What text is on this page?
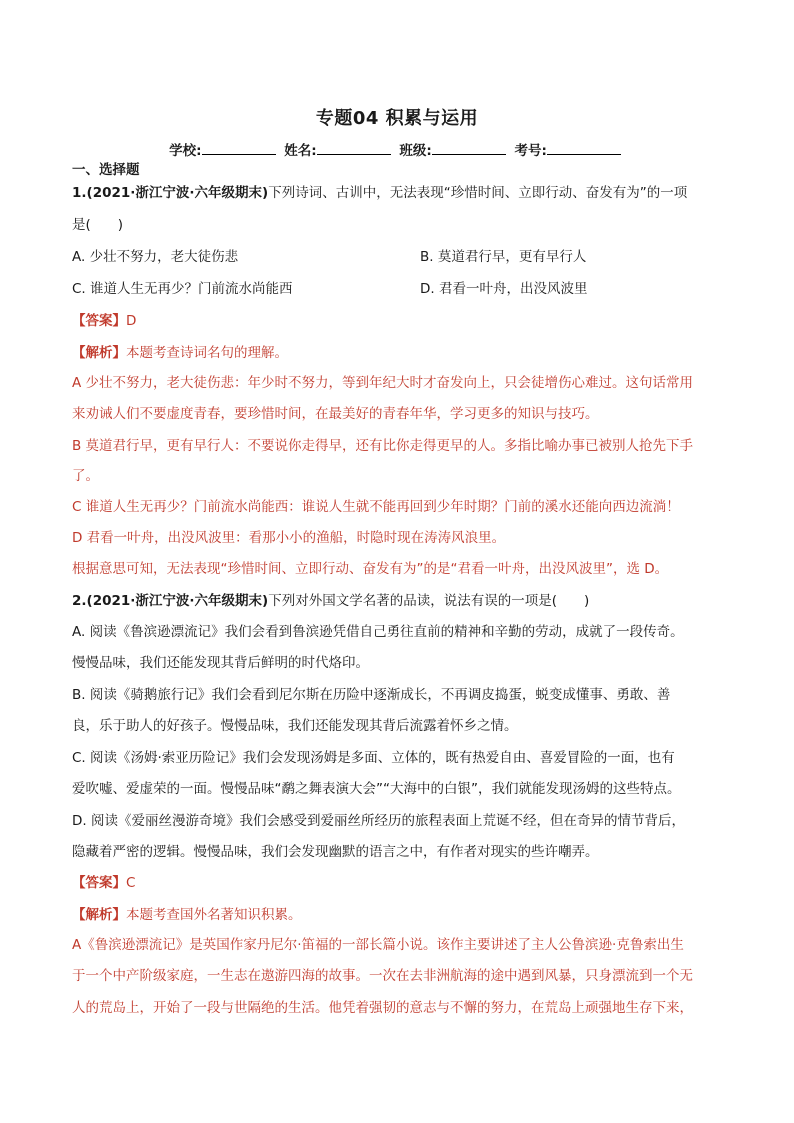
专题04 积累与运用
学校:	姓名:	班级:	考号:
一、选择题
1.(2021·浙江宁波·六年级期末)下列诗词、古训中，无法表现“珍惜时间、立即行动、奋发有为”的一项
是(　　)
A. 少壮不努力，老大徒伤悲	B. 莫道君行早，更有早行人
C. 谁道人生无再少？门前流水尚能西	D. 君看一叶舟，出没风波里
【答案】D
【解析】本题考查诗词名句的理解。
A 少壮不努力，老大徒伤悲：年少时不努力，等到年纪大时才奋发向上，只会徒增伤心难过。这句话常用
来劝诫人们不要虚度青春，要珍惜时间，在最美好的青春年华，学习更多的知识与技巧。
B 莫道君行早，更有早行人：不要说你走得早，还有比你走得更早的人。多指比喻办事已被别人抢先下手
了。
C 谁道人生无再少？门前流水尚能西：谁说人生就不能再回到少年时期？门前的溪水还能向西边流淌！
D 君看一叶舟，出没风波里：看那小小的渔船，时隐时现在涛涛风浪里。
根据意思可知，无法表现“珍惜时间、立即行动、奋发有为”的是“君看一叶舟，出没风波里”，选 D。
2.(2021·浙江宁波·六年级期末)下列对外国文学名著的品读，说法有误的一项是(　　)
A. 阅读《鲁滨逊漂流记》我们会看到鲁滨逊凭借自己勇往直前的精神和辛勤的劳动，成就了一段传奇。
慢慢品味，我们还能发现其背后鲜明的时代烙印。
B. 阅读《骑鹅旅行记》我们会看到尼尔斯在历险中逐渐成长，不再调皮捣蛋，蜕变成懂事、勇敢、善
良，乐于助人的好孩子。慢慢品味，我们还能发现其背后流露着怀乡之情。
C. 阅读《汤姆·索亚历险记》我们会发现汤姆是多面、立体的，既有热爱自由、喜爱冒险的一面，也有
爱吹嘘、爱虚荣的一面。慢慢品味“鹬之舞表演大会”“大海中的白银”，我们就能发现汤姆的这些特点。
D. 阅读《爱丽丝漫游奇境》我们会感受到爱丽丝所经历的旅程表面上荒诞不经，但在奇异的情节背后，
隐藏着严密的逻辑。慢慢品味，我们会发现幽默的语言之中，有作者对现实的些许嘲弄。
【答案】C
【解析】本题考查国外名著知识积累。
A《鲁滨逊漂流记》是英国作家丹尼尔·笛福的一部长篇小说。该作主要讲述了主人公鲁滨逊·克鲁索出生
于一个中产阶级家庭，一生志在遨游四海的故事。一次在去非洲航海的途中遇到风暴，只身漂流到一个无
人的荒岛上，开始了一段与世隔绝的生活。他凭着强韧的意志与不懈的努力，在荒岛上顽强地生存下来，
